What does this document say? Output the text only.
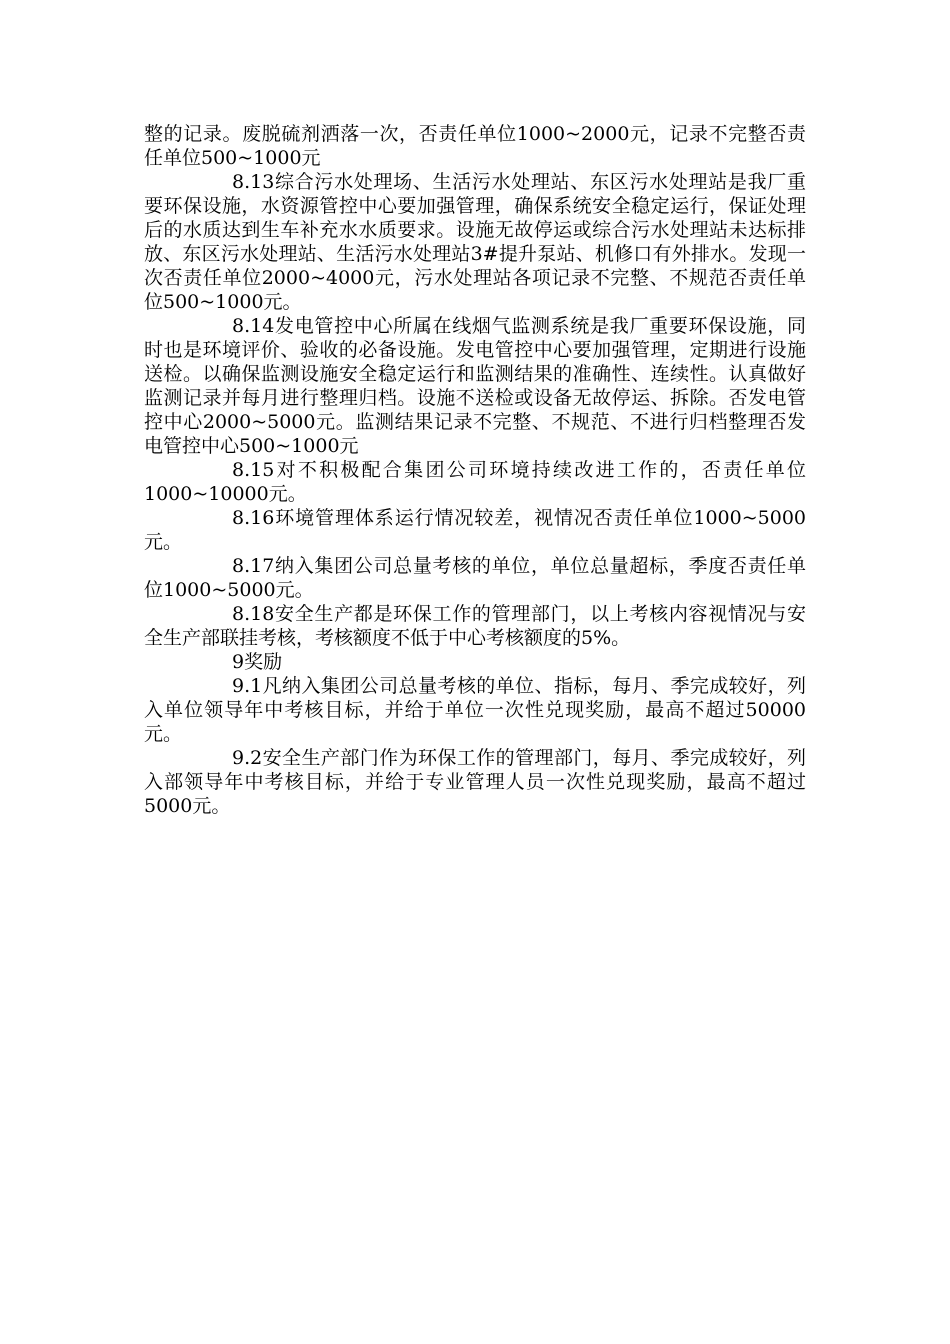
整的记录。废脱硫剂洒落一次，否责任单位1000~2000元，记录不完整否责任单位500~1000元

8.13综合污水处理场、生活污水处理站、东区污水处理站是我厂重要环保设施，水资源管控中心要加强管理，确保系统安全稳定运行，保证处理后的水质达到生车补充水水质要求。设施无故停运或综合污水处理站未达标排放、东区污水处理站、生活污水处理站3#提升泵站、机修口有外排水。发现一次否责任单位2000~4000元，污水处理站各项记录不完整、不规范否责任单位500~1000元。

8.14发电管控中心所属在线烟气监测系统是我厂重要环保设施，同时也是环境评价、验收的必备设施。发电管控中心要加强管理，定期进行设施送检。以确保监测设施安全稳定运行和监测结果的准确性、连续性。认真做好监测记录并每月进行整理归档。设施不送检或设备无故停运、拆除。否发电管控中心2000~5000元。监测结果记录不完整、不规范、不进行归档整理否发电管控中心500~1000元

8.15对不积极配合集团公司环境持续改进工作的，否责任单位1000~10000元。

8.16环境管理体系运行情况较差，视情况否责任单位1000~5000元。

8.17纳入集团公司总量考核的单位，单位总量超标，季度否责任单位1000~5000元。

8.18安全生产都是环保工作的管理部门，以上考核内容视情况与安全生产部联挂考核，考核额度不低于中心考核额度的5%。

9奖励

9.1凡纳入集团公司总量考核的单位、指标，每月、季完成较好，列入单位领导年中考核目标，并给于单位一次性兑现奖励，最高不超过50000元。

9.2安全生产部门作为环保工作的管理部门，每月、季完成较好，列入部领导年中考核目标，并给于专业管理人员一次性兑现奖励，最高不超过5000元。
